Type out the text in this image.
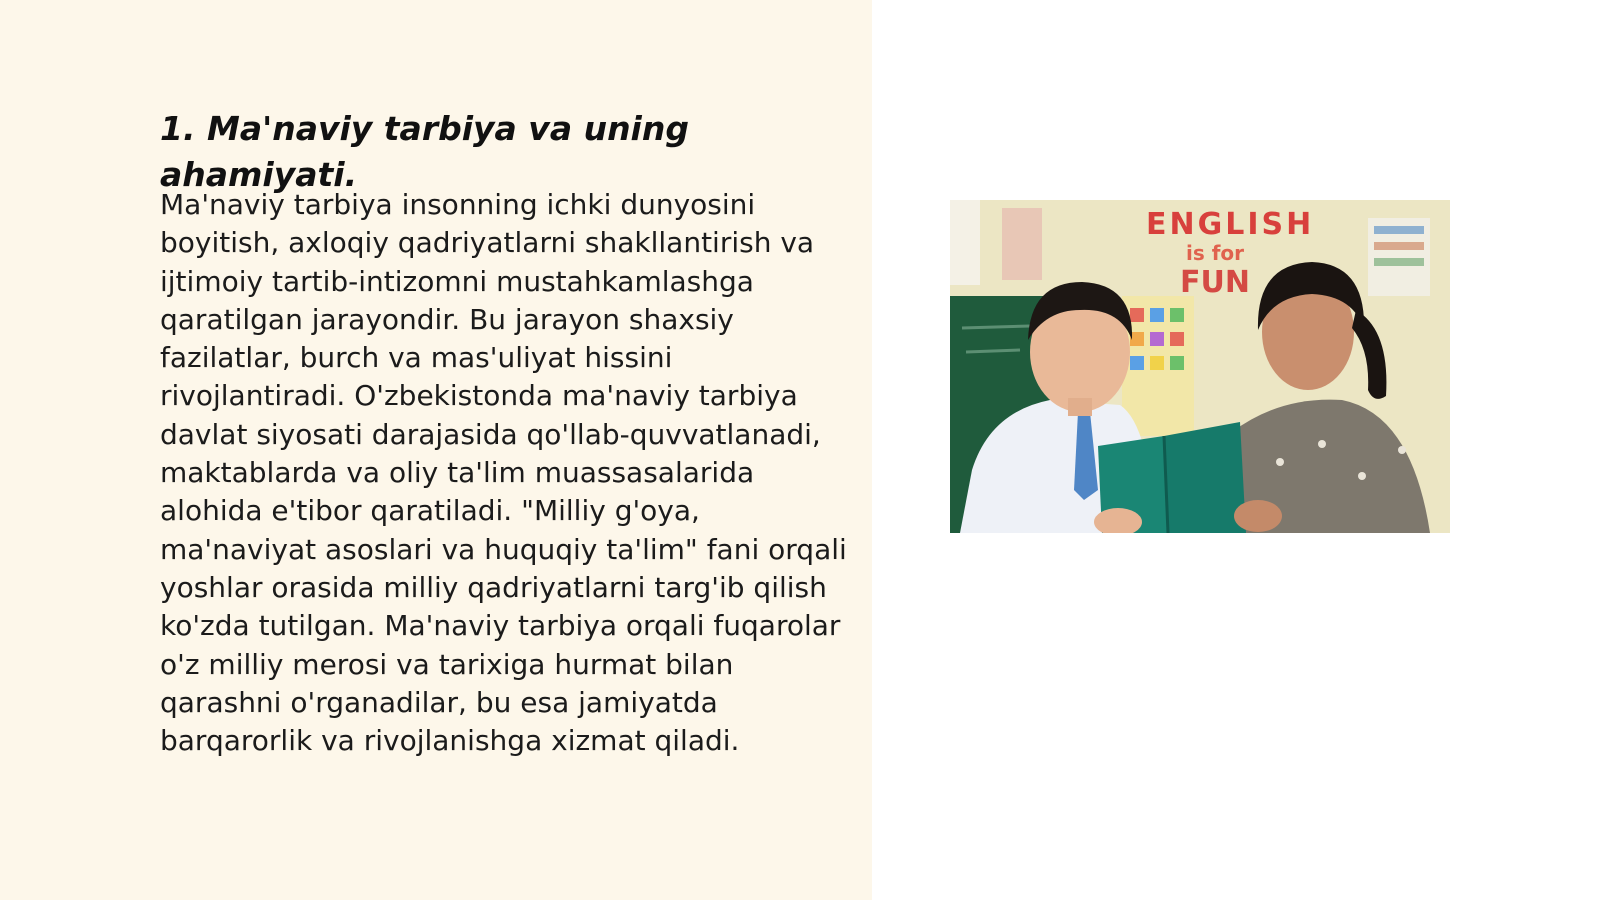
1. Ma'naviy tarbiya va uning ahamiyati.

Ma'naviy tarbiya insonning ichki dunyosini boyitish, axloqiy qadriyatlarni shakllantirish va ijtimoiy tartib-intizomni mustahkamlashga qaratilgan jarayondir. Bu jarayon shaxsiy fazilatlar, burch va mas'uliyat hissini rivojlantiradi. O'zbekistonda ma'naviy tarbiya davlat siyosati darajasida qo'llab-quvvatlanadi, maktablarda va oliy ta'lim muassasalarida alohida e'tibor qaratiladi. "Milliy g'oya, ma'naviyat asoslari va huquqiy ta'lim" fani orqali yoshlar orasida milliy qadriyatlarni targ'ib qilish ko'zda tutilgan. Ma'naviy tarbiya orqali fuqarolar o'z milliy merosi va tarixiga hurmat bilan qarashni o'rganadilar, bu esa jamiyatda barqarorlik va rivojlanishga xizmat qiladi.

ENGLISH
is for
FUN
